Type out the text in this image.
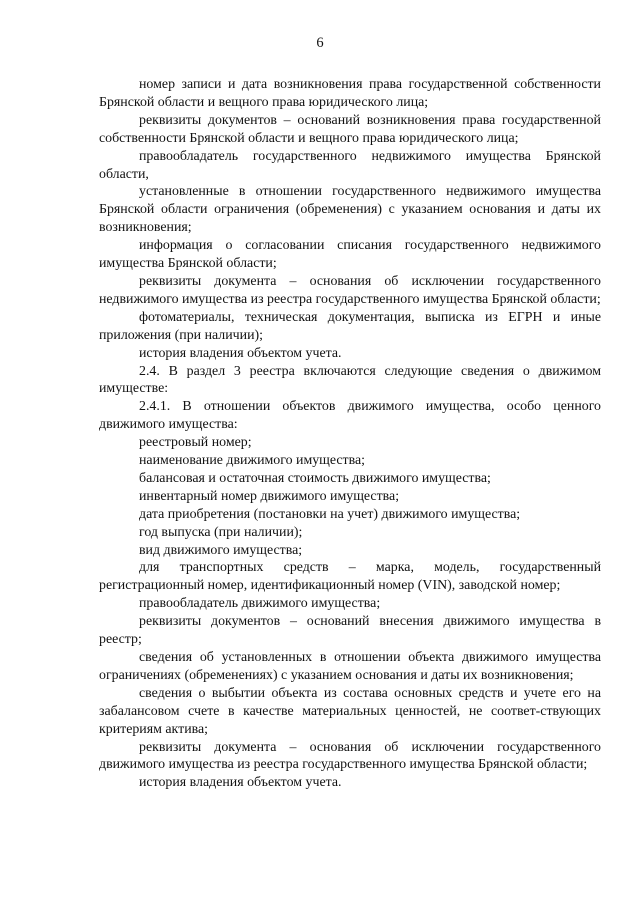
6

номер записи и дата возникновения права государственной собственности Брянской области и вещного права юридического лица;

реквизиты документов – оснований возникновения права государственной собственности Брянской области и вещного права юридического лица;

правообладатель государственного недвижимого имущества Брянской области,

установленные в отношении государственного недвижимого имущества Брянской области ограничения (обременения) с указанием основания и даты их возникновения;

информация о согласовании списания государственного недвижимого имущества Брянской области;

реквизиты документа – основания об исключении государственного недвижимого имущества из реестра государственного имущества Брянской области;

фотоматериалы, техническая документация, выписка из ЕГРН и иные приложения (при наличии);

история владения объектом учета.

2.4. В раздел 3 реестра включаются следующие сведения о движимом имуществе:

2.4.1. В отношении объектов движимого имущества, особо ценного движимого имущества:

реестровый номер;

наименование движимого имущества;

балансовая и остаточная стоимость движимого имущества;

инвентарный номер движимого имущества;

дата приобретения (постановки на учет) движимого имущества;

год выпуска (при наличии);

вид движимого имущества;

для транспортных средств – марка, модель, государственный регистрационный номер, идентификационный номер (VIN), заводской номер;

правообладатель движимого имущества;

реквизиты документов – оснований внесения движимого имущества в реестр;

сведения об установленных в отношении объекта движимого имущества ограничениях (обременениях) с указанием основания и даты их возникновения;

сведения о выбытии объекта из состава основных средств и учете его на забалансовом счете в качестве материальных ценностей, не соответ-ствующих критериям актива;

реквизиты документа – основания об исключении государственного движимого имущества из реестра государственного имущества Брянской области;

история владения объектом учета.
